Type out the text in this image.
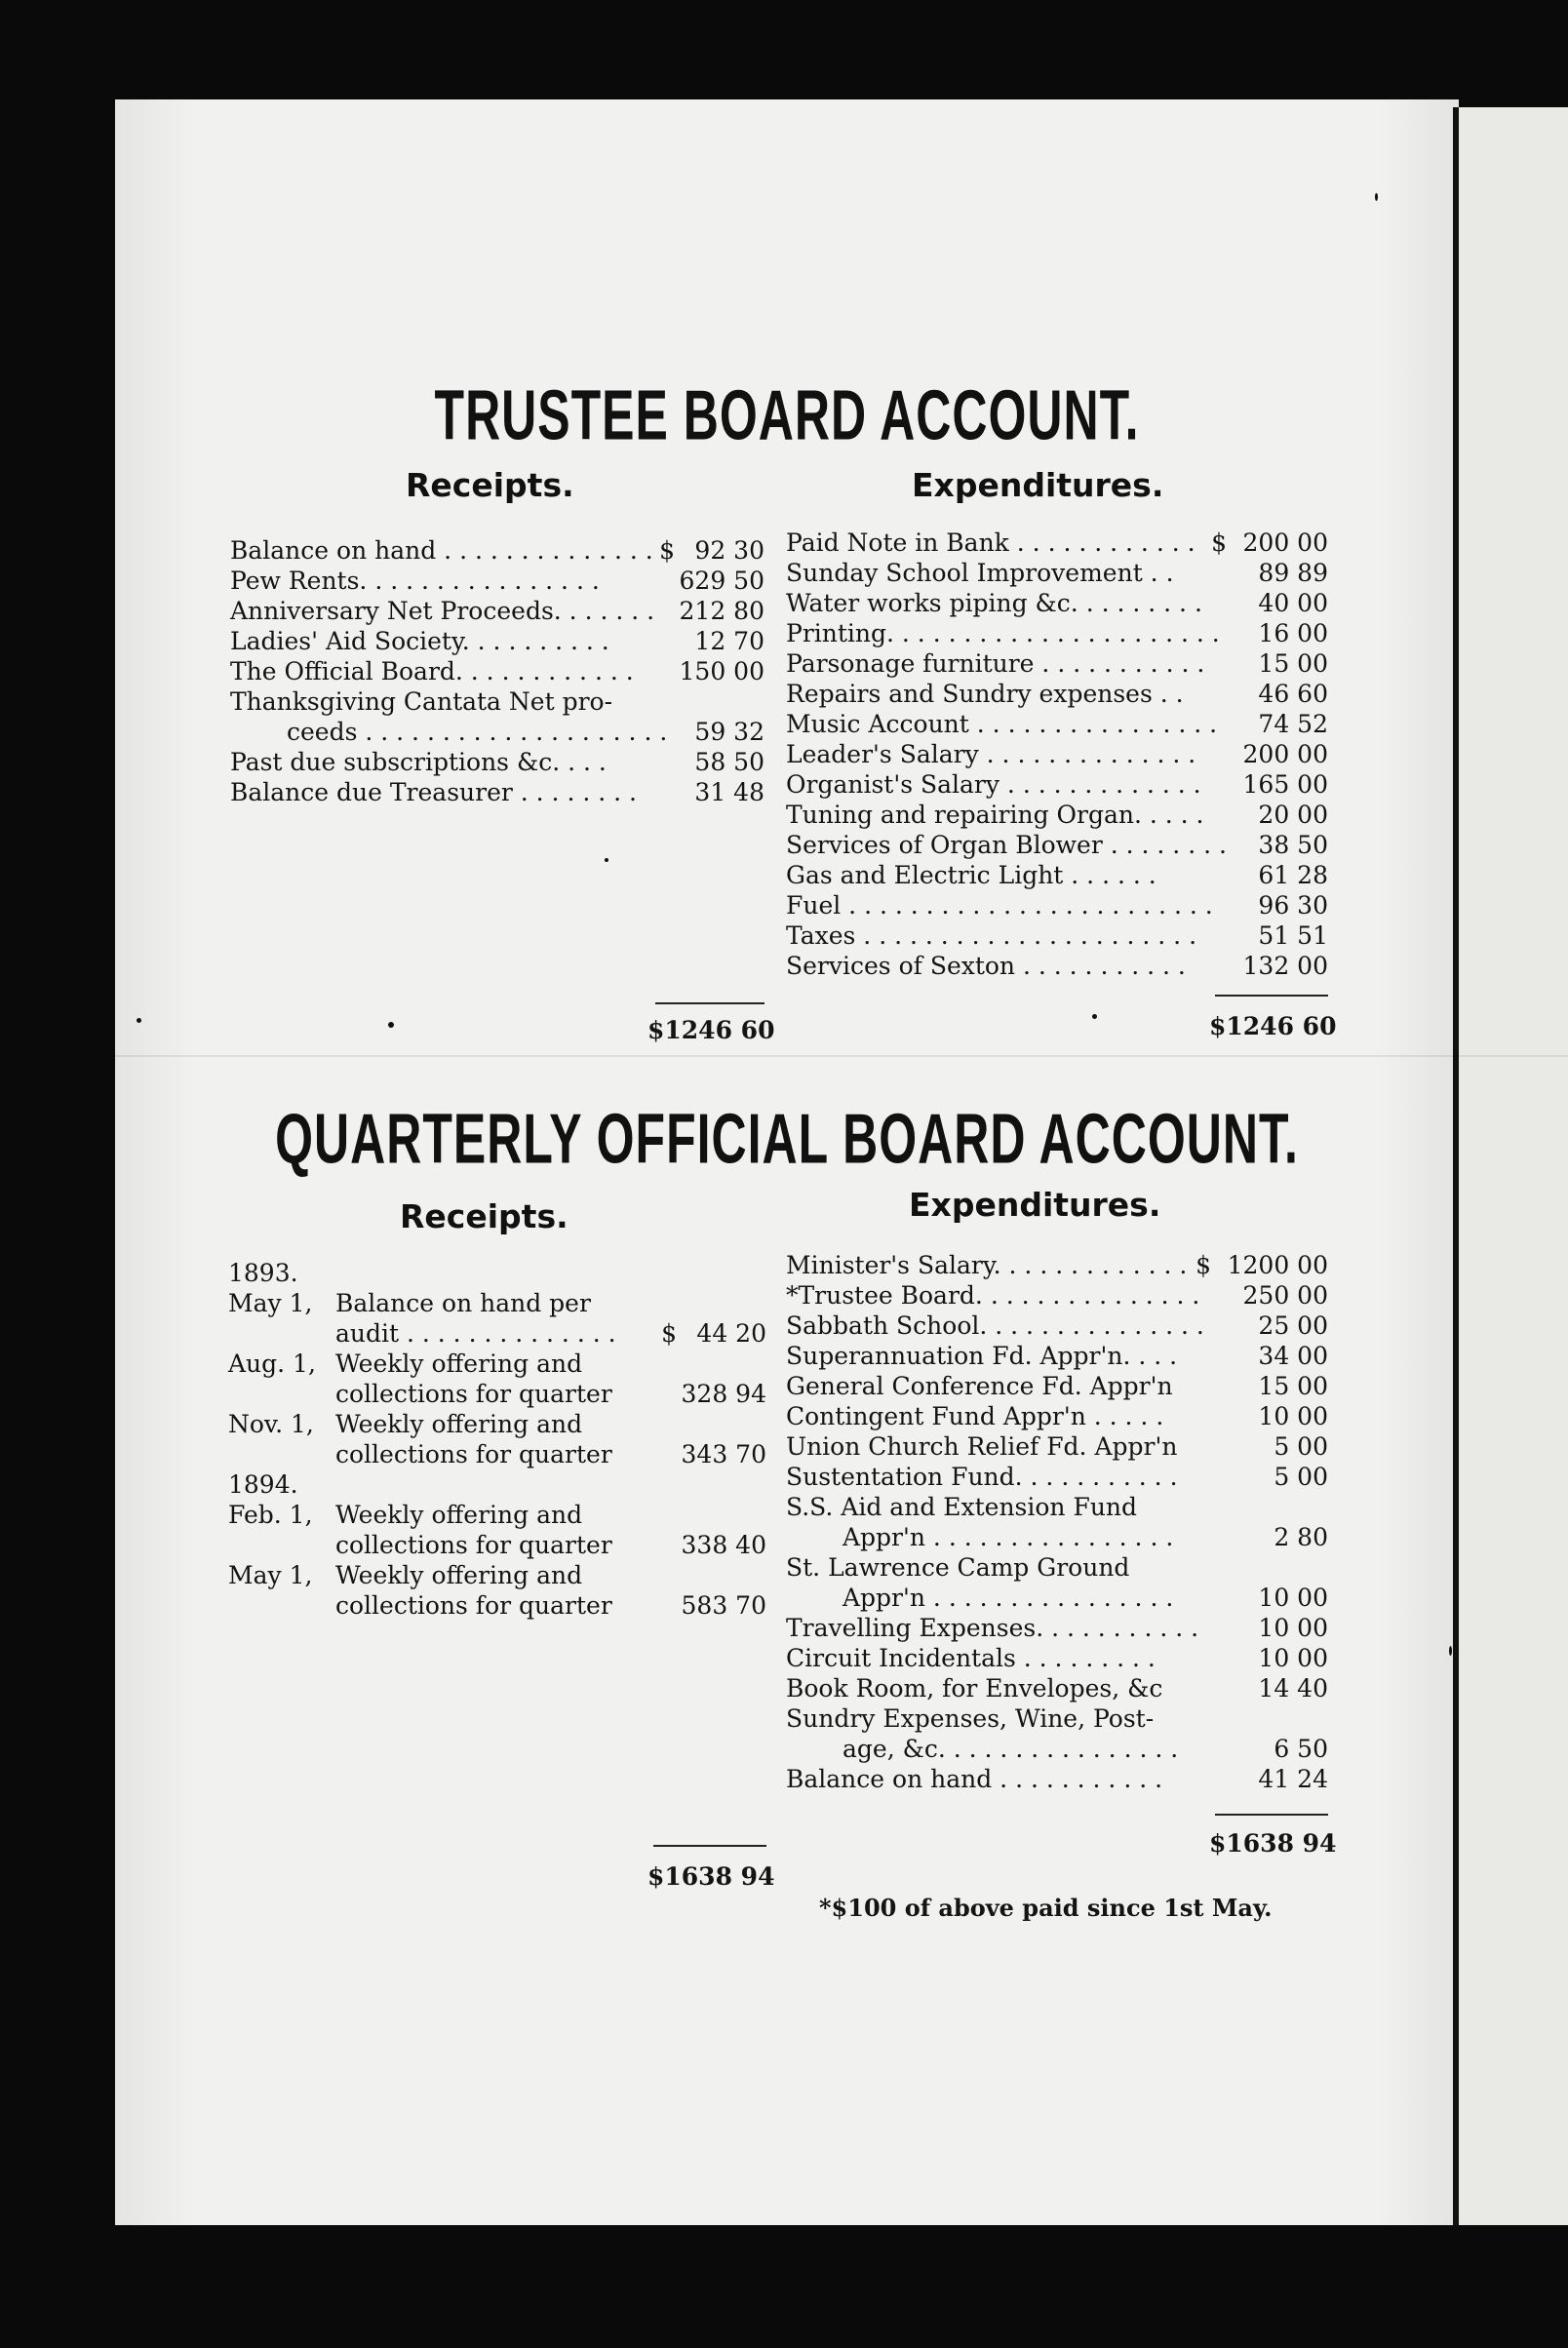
TRUSTEE BOARD ACCOUNT.
Receipts.	Expenditures.
Balance on hand . . . . . . . . . . . . . . $ 92 30
Pew Rents. . . . . . . . . . . . . . . .	629 50
Anniversary Net Proceeds. . . . . . . 212 80
Ladies' Aid Society. . . . . . . . . .	12 70
The Official Board. . . . . . . . . . . . 150 00
Thanksgiving Cantata Net pro-
ceeds . . . . . . . . . . . . . . . . . . . . 59 32
Past due subscriptions &c. . . .	58 50
Balance due Treasurer . . . . . . . . 31 48
Paid Note in Bank . . . . . . . . . . . . $ 200 00
Sunday School Improvement . .	89 89
Water works piping &c. . . . . . . . . 40 00
Printing. . . . . . . . . . . . . . . . . . . . . . 16 00
Parsonage furniture . . . . . . . . . . . 15 00
Repairs and Sundry expenses . .	46 60
Music Account . . . . . . . . . . . . . . . . 74 52
Leader's Salary . . . . . . . . . . . . . . 200 00
Organist's Salary . . . . . . . . . . . . . 165 00
Tuning and repairing Organ. . . . . 20 00
Services of Organ Blower . . . . . . . . 38 50
Gas and Electric Light . . . . . .	61 28
Fuel . . . . . . . . . . . . . . . . . . . . . . . . 96 30
Taxes . . . . . . . . . . . . . . . . . . . . . .	51 51
Services of Sexton . . . . . . . . . . . 132 00
$1246 60	$1246 60
QUARTERLY OFFICIAL BOARD ACCOUNT.
Receipts.	Expenditures.
1893.
May 1, Balance on hand per
audit . . . . . . . . . . . . . . $ 44 20
Aug. 1, Weekly offering and
collections for quarter	328 94
Nov. 1, Weekly offering and
collections for quarter	343 70
1894.
Feb. 1, Weekly offering and
collections for quarter	338 40
May 1, Weekly offering and
collections for quarter	583 70
Minister's Salary. . . . . . . . . . . . . $ 1200 00
*Trustee Board. . . . . . . . . . . . . . . 250 00
Sabbath School. . . . . . . . . . . . . . . 25 00
Superannuation Fd. Appr'n. . . .	34 00
General Conference Fd. Appr'n	15 00
Contingent Fund Appr'n . . . . .	10 00
Union Church Relief Fd. Appr'n	5 00
Sustentation Fund. . . . . . . . . . .	5 00
S.S. Aid and Extension Fund
Appr'n . . . . . . . . . . . . . . . .	2 80
St. Lawrence Camp Ground
Appr'n . . . . . . . . . . . . . . . .	10 00
Travelling Expenses. . . . . . . . . . . 10 00
Circuit Incidentals . . . . . . . . .	10 00
Book Room, for Envelopes, &c	14 40
Sundry Expenses, Wine, Post-
age, &c. . . . . . . . . . . . . . . .	6 50
Balance on hand . . . . . . . . . . .	41 24
$1638 94
$1638 94
*$100 of above paid since 1st May.
